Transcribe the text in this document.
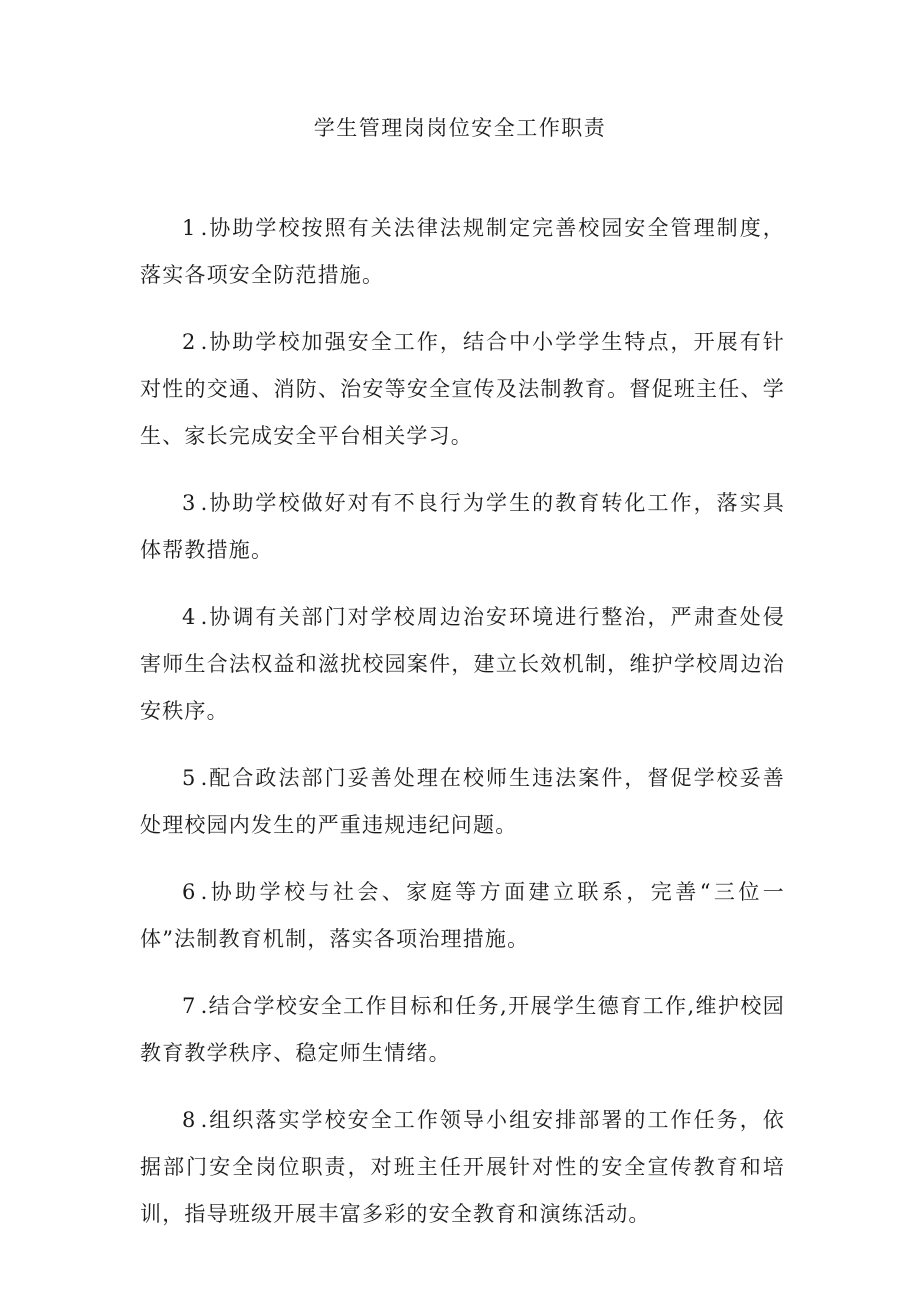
学生管理岗岗位安全工作职责

1 .协助学校按照有关法律法规制定完善校园安全管理制度，落实各项安全防范措施。

2 .协助学校加强安全工作，结合中小学学生特点，开展有针对性的交通、消防、治安等安全宣传及法制教育。督促班主任、学生、家长完成安全平台相关学习。

3 .协助学校做好对有不良行为学生的教育转化工作，落实具体帮教措施。

4 .协调有关部门对学校周边治安环境进行整治，严肃查处侵害师生合法权益和滋扰校园案件，建立长效机制，维护学校周边治安秩序。

5 .配合政法部门妥善处理在校师生违法案件，督促学校妥善处理校园内发生的严重违规违纪问题。

6 .协助学校与社会、家庭等方面建立联系，完善“三位一体”法制教育机制，落实各项治理措施。

7 .结合学校安全工作目标和任务,开展学生德育工作,维护校园教育教学秩序、稳定师生情绪。

8 .组织落实学校安全工作领导小组安排部署的工作任务，依据部门安全岗位职责，对班主任开展针对性的安全宣传教育和培训，指导班级开展丰富多彩的安全教育和演练活动。
